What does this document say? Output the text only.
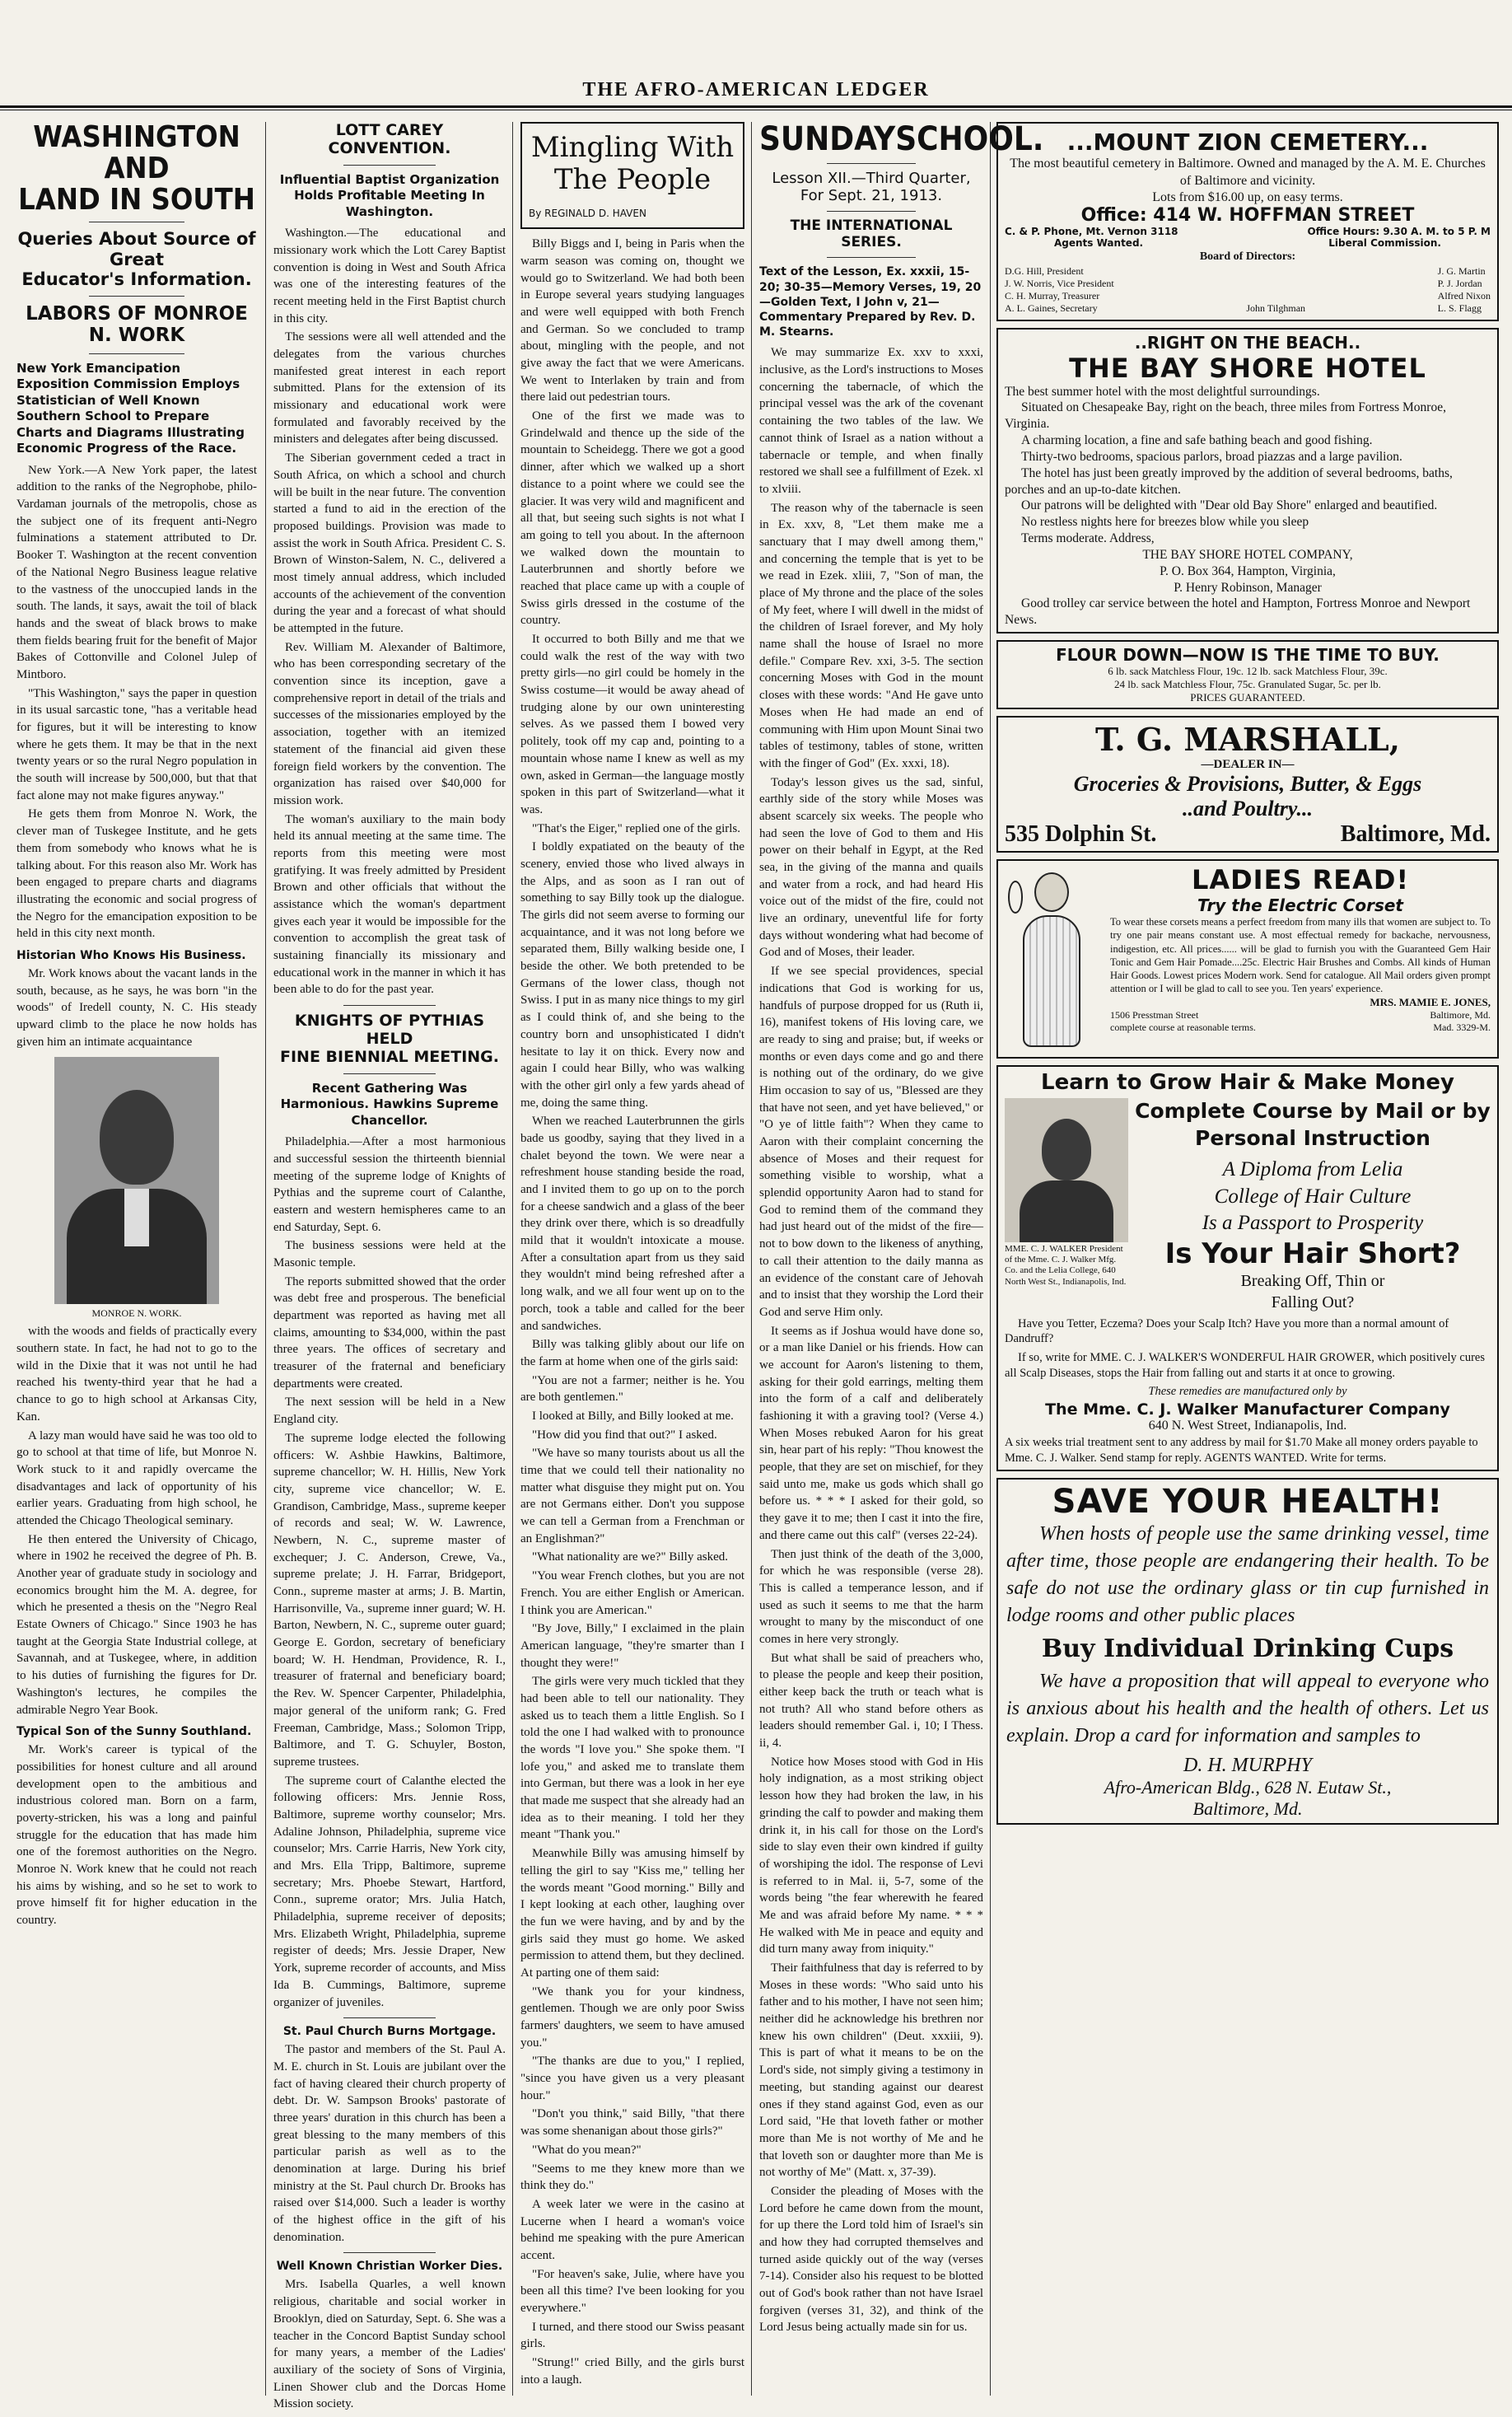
THE AFRO-AMERICAN LEDGER
WASHINGTON AND
LAND IN SOUTH
Queries About Source of Great
Educator's Information.
LABORS OF MONROE N. WORK
New York Emancipation Exposition Commission Employs Statistician of Well Known Southern School to Prepare Charts and Diagrams Illustrating Economic Progress of the Race.

New York.—A New York paper, the latest addition to the ranks of the Negrophobe, philo-Vardaman journals of the metropolis, chose as the subject one of its frequent anti-Negro fulminations a statement attributed to Dr. Booker T. Washington at the recent convention of the National Negro Business league relative to the vastness of the unoccupied lands in the south. The lands, it says, await the toil of black hands and the sweat of black brows to make them fields bearing fruit for the benefit of Major Bakes of Cottonville and Colonel Julep of Mintboro.

"This Washington," says the paper in question in its usual sarcastic tone, "has a veritable head for figures, but it will be interesting to know where he gets them. It may be that in the next twenty years or so the rural Negro population in the south will increase by 500,000, but that that fact alone may not make figures anyway."

He gets them from Monroe N. Work, the clever man of Tuskegee Institute, and he gets them from somebody who knows what he is talking about. For this reason also Mr. Work has been engaged to prepare charts and diagrams illustrating the economic and social progress of the Negro for the emancipation exposition to be held in this city next month.

Historian Who Knows His Business.

Mr. Work knows about the vacant lands in the south, because, as he says, he was born "in the woods" of Iredell county, N. C. His steady upward climb to the place he now holds has given him an intimate acquaintance

MONROE N. WORK.

with the woods and fields of practically every southern state. In fact, he had not to go to the wild in the Dixie that it was not until he had reached his twenty-third year that he had a chance to go to high school at Arkansas City, Kan.

A lazy man would have said he was too old to go to school at that time of life, but Monroe N. Work stuck to it and rapidly overcame the disadvantages and lack of opportunity of his earlier years. Graduating from high school, he attended the Chicago Theological seminary.

He then entered the University of Chicago, where in 1902 he received the degree of Ph. B. Another year of graduate study in sociology and economics brought him the M. A. degree, for which he presented a thesis on the "Negro Real Estate Owners of Chicago." Since 1903 he has taught at the Georgia State Industrial college, at Savannah, and at Tuskegee, where, in addition to his duties of furnishing the figures for Dr. Washington's lectures, he compiles the admirable Negro Year Book.

Typical Son of the Sunny Southland.

Mr. Work's career is typical of the possibilities for honest culture and all around development open to the ambitious and industrious colored man. Born on a farm, poverty-stricken, his was a long and painful struggle for the education that has made him one of the foremost authorities on the Negro. Monroe N. Work knew that he could not reach his aims by wishing, and so he set to work to prove himself fit for higher education in the country.

LOTT CAREY CONVENTION.
Influential Baptist Organization Holds Profitable Meeting In Washington.

Washington.—The educational and missionary work which the Lott Carey Baptist convention is doing in West and South Africa was one of the interesting features of the recent meeting held in the First Baptist church in this city.

The sessions were all well attended and the delegates from the various churches manifested great interest in each report submitted. Plans for the extension of its missionary and educational work were formulated and favorably received by the ministers and delegates after being discussed.

The Siberian government ceded a tract in South Africa, on which a school and church will be built in the near future. The convention started a fund to aid in the erection of the proposed buildings. Provision was made to assist the work in South Africa. President C. S. Brown of Winston-Salem, N. C., delivered a most timely annual address, which included accounts of the achievement of the convention during the year and a forecast of what should be attempted in the future.

Rev. William M. Alexander of Baltimore, who has been corresponding secretary of the convention since its inception, gave a comprehensive report in detail of the trials and successes of the missionaries employed by the association, together with an itemized statement of the financial aid given these foreign field workers by the convention. The organization has raised over $40,000 for mission work.

The woman's auxiliary to the main body held its annual meeting at the same time. The reports from this meeting were most gratifying. It was freely admitted by President Brown and other officials that without the assistance which the woman's department gives each year it would be impossible for the convention to accomplish the great task of sustaining financially its missionary and educational work in the manner in which it has been able to do for the past year.

KNIGHTS OF PYTHIAS HELD
FINE BIENNIAL MEETING.
Recent Gathering Was Harmonious. Hawkins Supreme Chancellor.

Philadelphia.—After a most harmonious and successful session the thirteenth biennial meeting of the supreme lodge of Knights of Pythias and the supreme court of Calanthe, eastern and western hemispheres came to an end Saturday, Sept. 6.

The business sessions were held at the Masonic temple.

The reports submitted showed that the order was debt free and prosperous. The beneficial department was reported as having met all claims, amounting to $34,000, within the past three years. The offices of secretary and treasurer of the fraternal and beneficiary departments were created.

The next session will be held in a New England city.

The supreme lodge elected the following officers: W. Ashbie Hawkins, Baltimore, supreme chancellor; W. H. Hillis, New York city, supreme vice chancellor; W. E. Grandison, Cambridge, Mass., supreme keeper of records and seal; W. W. Lawrence, Newbern, N. C., supreme master of exchequer; J. C. Anderson, Crewe, Va., supreme prelate; J. H. Farrar, Bridgeport, Conn., supreme master at arms; J. B. Martin, Harrisonville, Va., supreme inner guard; W. H. Barton, Newbern, N. C., supreme outer guard; George E. Gordon, secretary of beneficiary board; W. H. Hendman, Providence, R. I., treasurer of fraternal and beneficiary board; the Rev. W. Spencer Carpenter, Philadelphia, major general of the uniform rank; G. Fred Freeman, Cambridge, Mass.; Solomon Tripp, Baltimore, and T. G. Schuyler, Boston, supreme trustees.

The supreme court of Calanthe elected the following officers: Mrs. Jennie Ross, Baltimore, supreme worthy counselor; Mrs. Adaline Johnson, Philadelphia, supreme vice counselor; Mrs. Carrie Harris, New York city, and Mrs. Ella Tripp, Baltimore, supreme secretary; Mrs. Phoebe Stewart, Hartford, Conn., supreme orator; Mrs. Julia Hatch, Philadelphia, supreme receiver of deposits; Mrs. Elizabeth Wright, Philadelphia, supreme register of deeds; Mrs. Jessie Draper, New York, supreme recorder of accounts, and Miss Ida B. Cummings, Baltimore, supreme organizer of juveniles.

St. Paul Church Burns Mortgage.

The pastor and members of the St. Paul A. M. E. church in St. Louis are jubilant over the fact of having cleared their church property of debt. Dr. W. Sampson Brooks' pastorate of three years' duration in this church has been a great blessing to the many members of this particular parish as well as to the denomination at large. During his brief ministry at the St. Paul church Dr. Brooks has raised over $14,000. Such a leader is worthy of the highest office in the gift of his denomination.

Well Known Christian Worker Dies.

Mrs. Isabella Quarles, a well known religious, charitable and social worker in Brooklyn, died on Saturday, Sept. 6. She was a teacher in the Concord Baptist Sunday school for many years, a member of the Ladies' auxiliary of the society of Sons of Virginia, Linen Shower club and the Dorcas Home Mission society.

Mingling With
The People
By REGINALD D. HAVEN

Billy Biggs and I, being in Paris when the warm season was coming on, thought we would go to Switzerland. We had both been in Europe several years studying languages and were well equipped with both French and German. So we concluded to tramp about, mingling with the people, and not give away the fact that we were Americans. We went to Interlaken by train and from there laid out pedestrian tours.

One of the first we made was to Grindelwald and thence up the side of the mountain to Scheidegg. There we got a good dinner, after which we walked up a short distance to a point where we could see the glacier. It was very wild and magnificent and all that, but seeing such sights is not what I am going to tell you about. In the afternoon we walked down the mountain to Lauterbrunnen and shortly before we reached that place came up with a couple of Swiss girls dressed in the costume of the country.

It occurred to both Billy and me that we could walk the rest of the way with two pretty girls—no girl could be homely in the Swiss costume—it would be away ahead of trudging alone by our own uninteresting selves. As we passed them I bowed very politely, took off my cap and, pointing to a mountain whose name I knew as well as my own, asked in German—the language mostly spoken in this part of Switzerland—what it was.

"That's the Eiger," replied one of the girls.

I boldly expatiated on the beauty of the scenery, envied those who lived always in the Alps, and as soon as I ran out of something to say Billy took up the dialogue. The girls did not seem averse to forming our acquaintance, and it was not long before we separated them, Billy walking beside one, I beside the other. We both pretended to be Germans of the lower class, though not Swiss. I put in as many nice things to my girl as I could think of, and she being to the country born and unsophisticated I didn't hesitate to lay it on thick. Every now and again I could hear Billy, who was walking with the other girl only a few yards ahead of me, doing the same thing.

When we reached Lauterbrunnen the girls bade us goodby, saying that they lived in a chalet beyond the town. We were near a refreshment house standing beside the road, and I invited them to go up on to the porch for a cheese sandwich and a glass of the beer they drink over there, which is so dreadfully mild that it wouldn't intoxicate a mouse. After a consultation apart from us they said they wouldn't mind being refreshed after a long walk, and we all four went up on to the porch, took a table and called for the beer and sandwiches.

Billy was talking glibly about our life on the farm at home when one of the girls said:

"You are not a farmer; neither is he. You are both gentlemen."

I looked at Billy, and Billy looked at me.

"How did you find that out?" I asked.

"We have so many tourists about us all the time that we could tell their nationality no matter what disguise they might put on. You are not Germans either. Don't you suppose we can tell a German from a Frenchman or an Englishman?"

"What nationality are we?" Billy asked.

"You wear French clothes, but you are not French. You are either English or American. I think you are American."

"By Jove, Billy," I exclaimed in the plain American language, "they're smarter than I thought they were!"

The girls were very much tickled that they had been able to tell our nationality. They asked us to teach them a little English. So I told the one I had walked with to pronounce the words "I love you." She spoke them. "I lofe you," and asked me to translate them into German, but there was a look in her eye that made me suspect that she already had an idea as to their meaning. I told her they meant "Thank you."

Meanwhile Billy was amusing himself by telling the girl to say "Kiss me," telling her the words meant "Good morning." Billy and I kept looking at each other, laughing over the fun we were having, and by and by the girls said they must go home. We asked permission to attend them, but they declined. At parting one of them said:

"We thank you for your kindness, gentlemen. Though we are only poor Swiss farmers' daughters, we seem to have amused you."

"The thanks are due to you," I replied, "since you have given us a very pleasant hour."

"Don't you think," said Billy, "that there was some shenanigan about those girls?"

"What do you mean?"

"Seems to me they knew more than we think they do."

A week later we were in the casino at Lucerne when I heard a woman's voice behind me speaking with the pure American accent.

"For heaven's sake, Julie, where have you been all this time? I've been looking for you everywhere."

I turned, and there stood our Swiss peasant girls.

"Strung!" cried Billy, and the girls burst into a laugh.

SUNDAY SCHOOL.
Lesson XII.—Third Quarter, For Sept. 21, 1913.
THE INTERNATIONAL SERIES.
Text of the Lesson, Ex. xxxii, 15-20; 30-35—Memory Verses, 19, 20—Golden Text, I John v, 21—Commentary Prepared by Rev. D. M. Stearns.

We may summarize Ex. xxv to xxxi, inclusive, as the Lord's instructions to Moses concerning the tabernacle, of which the principal vessel was the ark of the covenant containing the two tables of the law. We cannot think of Israel as a nation without a tabernacle or temple, and when finally restored we shall see a fulfillment of Ezek. xl to xlviii.

The reason why of the tabernacle is seen in Ex. xxv, 8, "Let them make me a sanctuary that I may dwell among them," and concerning the temple that is yet to be we read in Ezek. xliii, 7, "Son of man, the place of My throne and the place of the soles of My feet, where I will dwell in the midst of the children of Israel forever, and My holy name shall the house of Israel no more defile." Compare Rev. xxi, 3-5. The section concerning Moses with God in the mount closes with these words: "And He gave unto Moses when He had made an end of communing with Him upon Mount Sinai two tables of testimony, tables of stone, written with the finger of God" (Ex. xxxi, 18).

Today's lesson gives us the sad, sinful, earthly side of the story while Moses was absent scarcely six weeks. The people who had seen the love of God to them and His power on their behalf in Egypt, at the Red sea, in the giving of the manna and quails and water from a rock, and had heard His voice out of the midst of the fire, could not live an ordinary, uneventful life for forty days without wondering what had become of God and of Moses, their leader.

If we see special providences, special indications that God is working for us, handfuls of purpose dropped for us (Ruth ii, 16), manifest tokens of His loving care, we are ready to sing and praise; but, if weeks or months or even days come and go and there is nothing out of the ordinary, do we give Him occasion to say of us, "Blessed are they that have not seen, and yet have believed," or "O ye of little faith"? When they came to Aaron with their complaint concerning the absence of Moses and their request for something visible to worship, what a splendid opportunity Aaron had to stand for God to remind them of the command they had just heard out of the midst of the fire—not to bow down to the likeness of anything, to call their attention to the daily manna as an evidence of the constant care of Jehovah and to insist that they worship the Lord their God and serve Him only.

It seems as if Joshua would have done so, or a man like Daniel or his friends. How can we account for Aaron's listening to them, asking for their gold earrings, melting them into the form of a calf and deliberately fashioning it with a graving tool? (Verse 4.) When Moses rebuked Aaron for his great sin, hear part of his reply: "Thou knowest the people, that they are set on mischief, for they said unto me, make us gods which shall go before us. * * * I asked for their gold, so they gave it to me; then I cast it into the fire, and there came out this calf" (verses 22-24).

Then just think of the death of the 3,000, for which he was responsible (verse 28). This is called a temperance lesson, and if used as such it seems to me that the harm wrought to many by the misconduct of one comes in here very strongly.

But what shall be said of preachers who, to please the people and keep their position, either keep back the truth or teach what is not truth? All who stand before others as leaders should remember Gal. i, 10; I Thess. ii, 4.

Notice how Moses stood with God in His holy indignation, as a most striking object lesson how they had broken the law, in his grinding the calf to powder and making them drink it, in his call for those on the Lord's side to slay even their own kindred if guilty of worshiping the idol. The response of Levi is referred to in Mal. ii, 5-7, some of the words being "the fear wherewith he feared Me and was afraid before My name. * * * He walked with Me in peace and equity and did turn many away from iniquity."

Their faithfulness that day is referred to by Moses in these words: "Who said unto his father and to his mother, I have not seen him; neither did he acknowledge his brethren nor knew his own children" (Deut. xxxiii, 9). This is part of what it means to be on the Lord's side, not simply giving a testimony in meeting, but standing against our dearest ones if they stand against God, even as our Lord said, "He that loveth father or mother more than Me is not worthy of Me and he that loveth son or daughter more than Me is not worthy of Me" (Matt. x, 37-39).

Consider the pleading of Moses with the Lord before he came down from the mount, for up there the Lord told him of Israel's sin and how they had corrupted themselves and turned aside quickly out of the way (verses 7-14). Consider also his request to be blotted out of God's book rather than not have Israel forgiven (verses 31, 32), and think of the Lord Jesus being actually made sin for us.

...MOUNT ZION CEMETERY...
The most beautiful cemetery in Baltimore. Owned and managed by the A. M. E. Churches of Baltimore and vicinity.
Lots from $16.00 up, on easy terms.
Office: 414 W. HOFFMAN STREET
C. & P. Phone, Mt. Vernon 3118	Office Hours: 9.30 A. M. to 5 P. M
Agents Wanted.	Liberal Commission.
Board of Directors:
D.G. Hill, President
J. W. Norris, Vice President
C. H. Murray, Treasurer
A. L. Gaines, Secretary	John Tilghman
J. G. Martin
P. J. Jordan
Alfred Nixon
L. S. Flagg
..RIGHT ON THE BEACH..
THE BAY SHORE HOTEL
The best summer hotel with the most delightful surroundings.
Situated on Chesapeake Bay, right on the beach, three miles from Fortress Monroe, Virginia.
A charming location, a fine and safe bathing beach and good fishing.
Thirty-two bedrooms, spacious parlors, broad piazzas and a large pavilion.
The hotel has just been greatly improved by the addition of several bedrooms, baths, porches and an up-to-date kitchen.
Our patrons will be delighted with "Dear old Bay Shore" enlarged and beautified.
No restless nights here for breezes blow while you sleep
Terms moderate. Address,
THE BAY SHORE HOTEL COMPANY,
P. O. Box 364, Hampton, Virginia,
P. Henry Robinson, Manager
Good trolley car service between the hotel and Hampton, Fortress Monroe and Newport News.
FLOUR DOWN—NOW IS THE TIME TO BUY.
6 lb. sack Matchless Flour, 19c. 12 lb. sack Matchless Flour, 39c.
24 lb. sack Matchless Flour, 75c. Granulated Sugar, 5c. per lb.
PRICES GUARANTEED.
T. G. MARSHALL,
—DEALER IN—
Groceries & Provisions, Butter, & Eggs
..and Poultry...
535 Dolphin St.	Baltimore, Md.
LADIES READ!
Try the Electric Corset
To wear these corsets means a perfect freedom from many ills that women are subject to. To try one pair means constant use. A most effectual remedy for backache, nervousness, indigestion, etc. All prices...... will be glad to furnish you with the Guaranteed Gem Hair Tonic and Gem Hair Pomade....25c. Electric Hair Brushes and Combs. All kinds of Human Hair Goods. Lowest prices Modern work. Send for catalogue. All Mail orders given prompt attention or I will be glad to call to see you. Ten years' experience.
MRS. MAMIE E. JONES,
1506 Presstman Street	Baltimore, Md.
complete course at reasonable terms.	Mad. 3329-M.
Learn to Grow Hair & Make Money
MME. C. J. WALKER President of the Mme. C. J. Walker Mfg. Co. and the Lelia College, 640 North West St., Indianapolis, Ind.
Complete Course by Mail or by
Personal Instruction
A Diploma from Lelia
College of Hair Culture
Is a Passport to Prosperity
Is Your Hair Short?
Breaking Off, Thin or
Falling Out?
Have you Tetter, Eczema? Does your Scalp Itch? Have you more than a normal amount of Dandruff?
If so, write for MME. C. J. WALKER'S WONDERFUL HAIR GROWER, which positively cures all Scalp Diseases, stops the Hair from falling out and starts it at once to growing.
These remedies are manufactured only by
The Mme. C. J. Walker Manufacturer Company
640 N. West Street, Indianapolis, Ind.
A six weeks trial treatment sent to any address by mail for $1.70 Make all money orders payable to Mme. C. J. Walker. Send stamp for reply. AGENTS WANTED. Write for terms.
SAVE YOUR HEALTH!
When hosts of people use the same drinking vessel, time after time, those people are endangering their health. To be safe do not use the ordinary glass or tin cup furnished in lodge rooms and other public places
Buy Individual Drinking Cups
We have a proposition that will appeal to everyone who is anxious about his health and the health of others. Let us explain. Drop a card for information and samples to
D. H. MURPHY
Afro-American Bldg., 628 N. Eutaw St.,
Baltimore, Md.
